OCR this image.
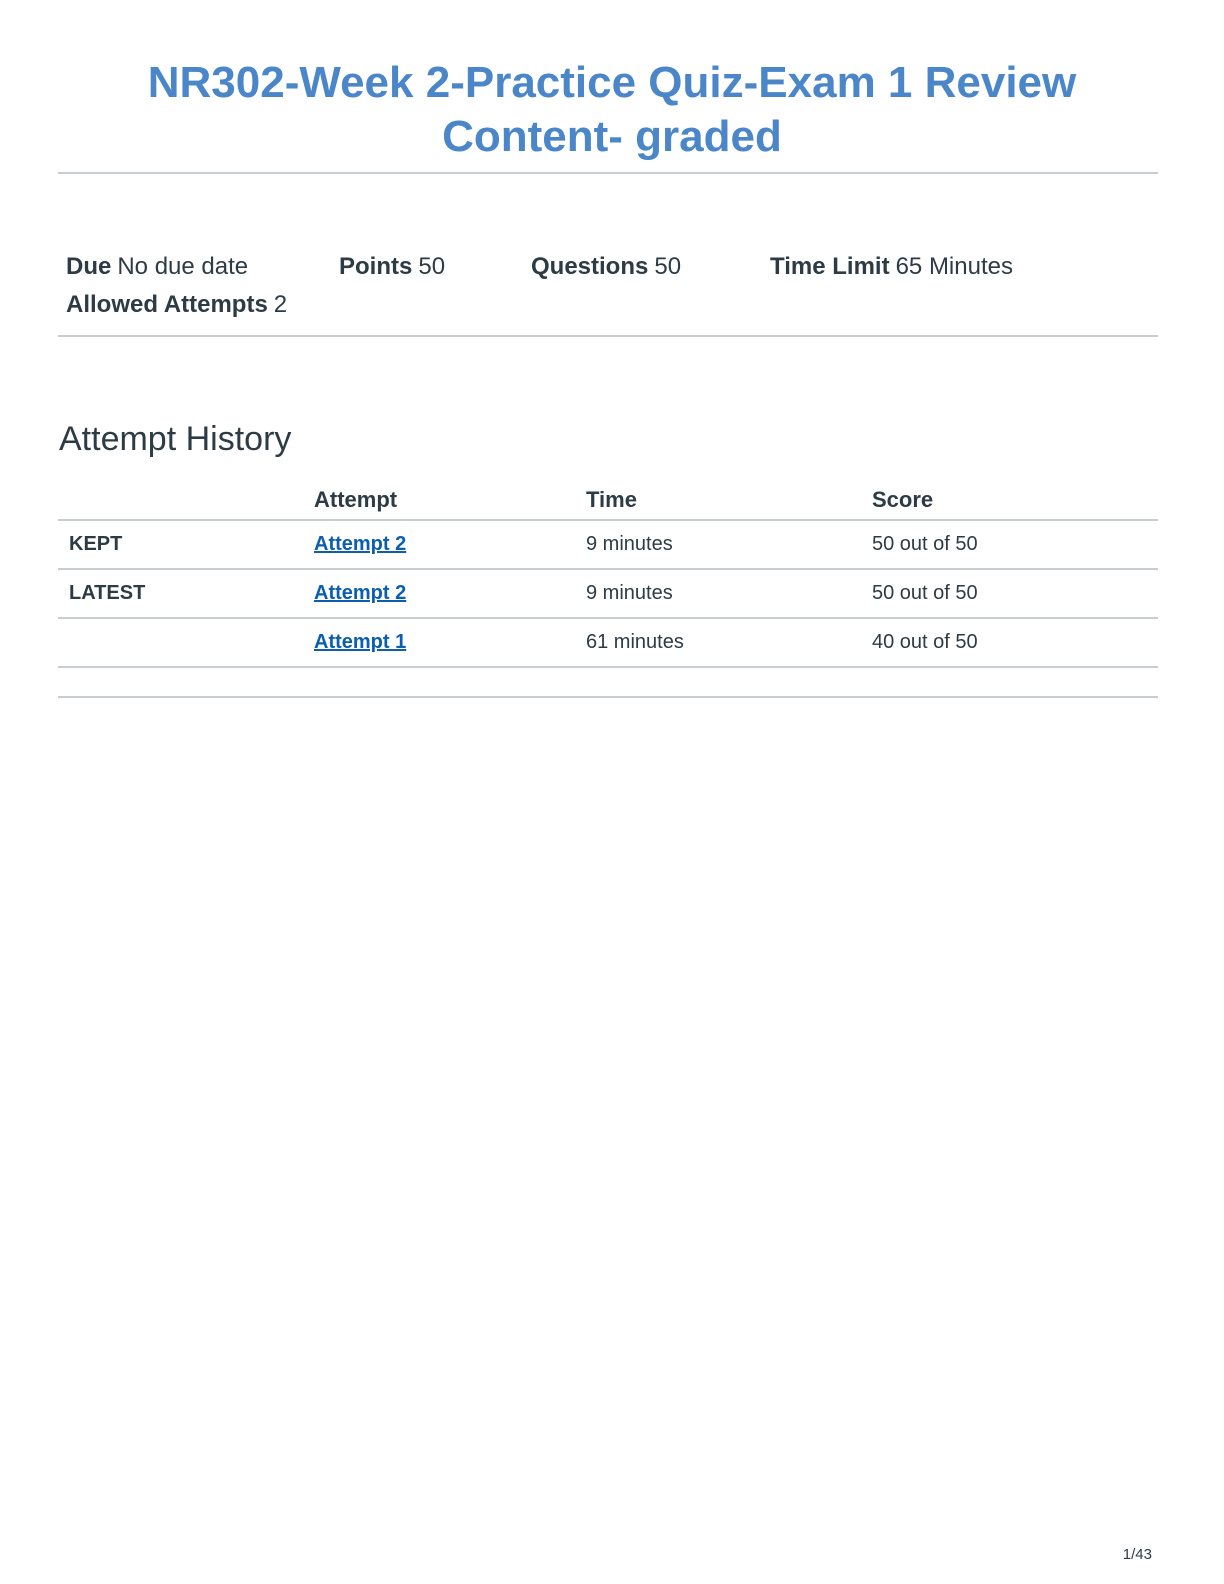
NR302-Week 2-Practice Quiz-Exam 1 Review Content- graded
Due No due date	Points 50	Questions 50	Time Limit 65 Minutes
Allowed Attempts 2
Attempt History
	Attempt	Time	Score
KEPT	Attempt 2	9 minutes	50 out of 50
LATEST	Attempt 2	9 minutes	50 out of 50
	Attempt 1	61 minutes	40 out of 50
1/43
